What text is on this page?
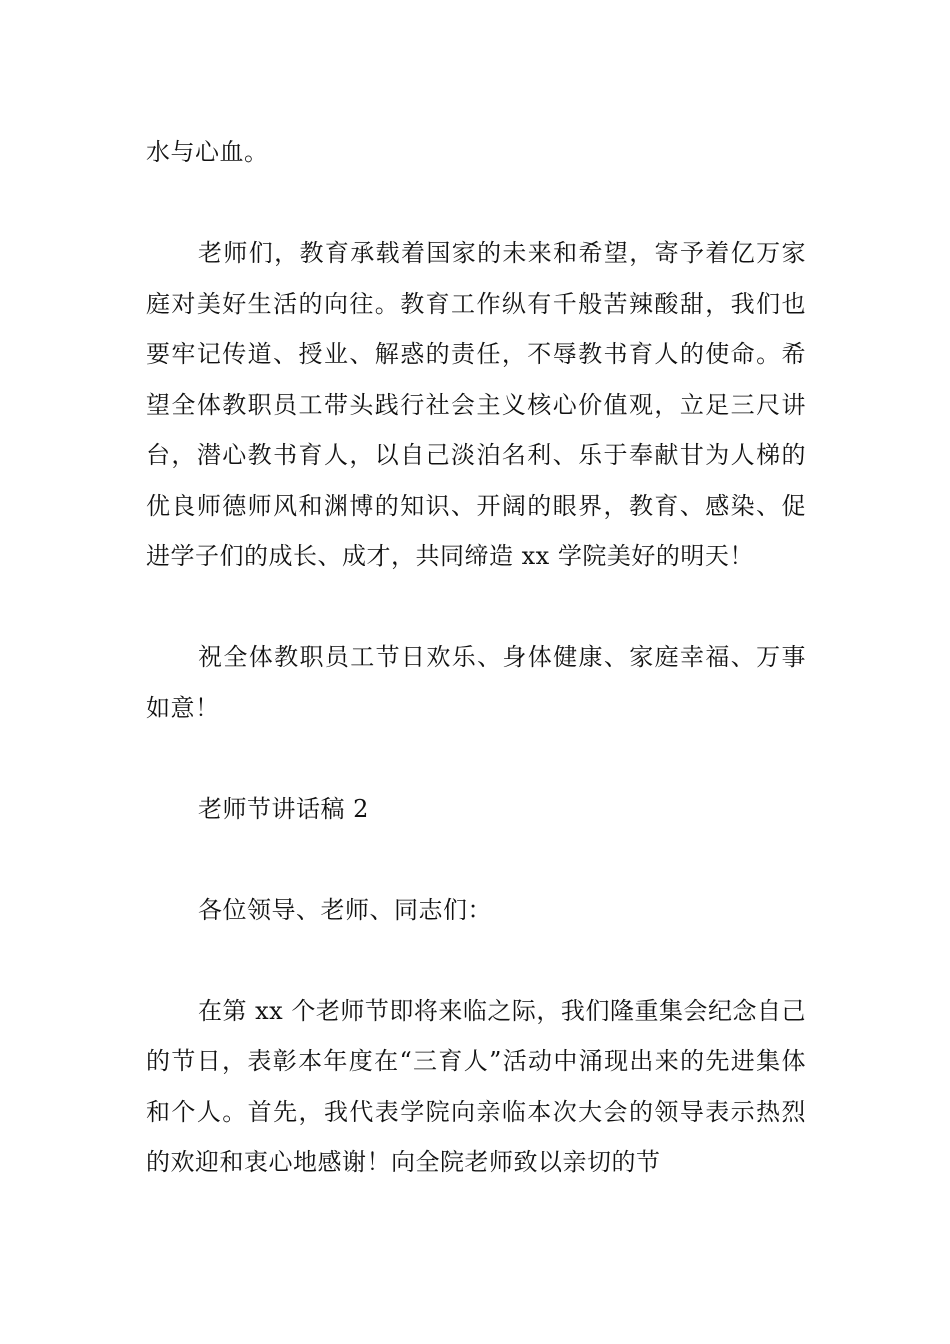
水与心血。

老师们，教育承载着国家的未来和希望，寄予着亿万家庭对美好生活的向往。教育工作纵有千般苦辣酸甜，我们也要牢记传道、授业、解惑的责任，不辱教书育人的使命。希望全体教职员工带头践行社会主义核心价值观，立足三尺讲台，潜心教书育人，以自己淡泊名利、乐于奉献甘为人梯的优良师德师风和渊博的知识、开阔的眼界，教育、感染、促进学子们的成长、成才，共同缔造 xx 学院美好的明天！

祝全体教职员工节日欢乐、身体健康、家庭幸福、万事如意！

老师节讲话稿 2

各位领导、老师、同志们：

在第 xx 个老师节即将来临之际，我们隆重集会纪念自己的节日，表彰本年度在“三育人”活动中涌现出来的先进集体和个人。首先，我代表学院向亲临本次大会的领导表示热烈的欢迎和衷心地感谢！向全院老师致以亲切的节
